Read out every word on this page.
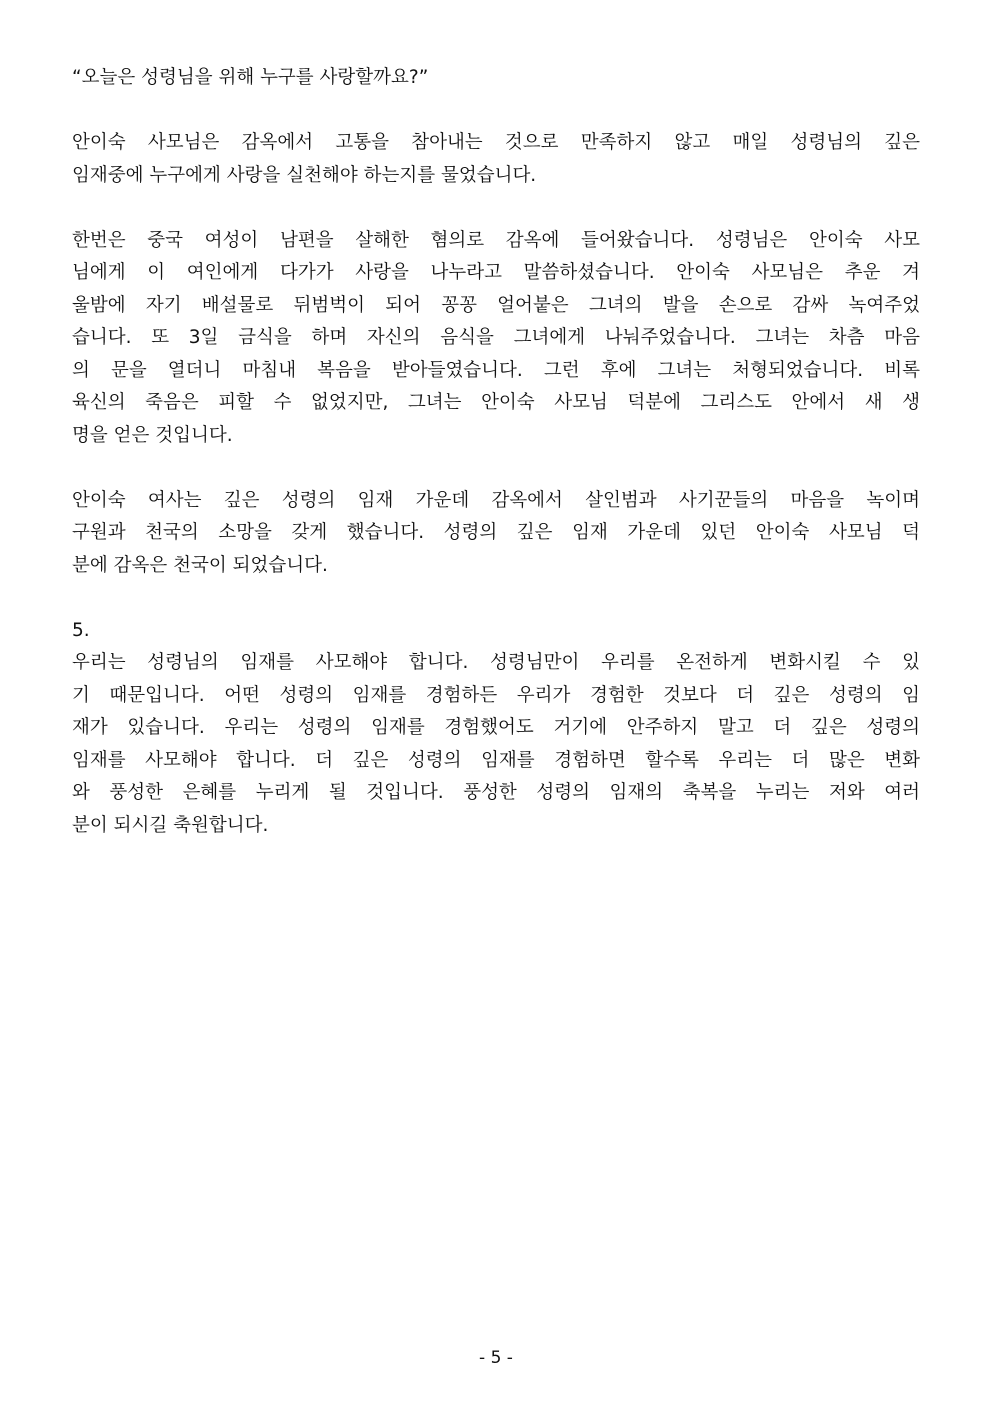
“오늘은 성령님을 위해 누구를 사랑할까요?”
안이숙 사모님은 감옥에서 고통을 참아내는 것으로 만족하지 않고 매일 성령님의 깊은
임재중에 누구에게 사랑을 실천해야 하는지를 물었습니다.
한번은 중국 여성이 남편을 살해한 혐의로 감옥에 들어왔습니다. 성령님은 안이숙 사모
님에게 이 여인에게 다가가 사랑을 나누라고 말씀하셨습니다. 안이숙 사모님은 추운 겨
울밤에 자기 배설물로 뒤범벅이 되어 꽁꽁 얼어붙은 그녀의 발을 손으로 감싸 녹여주었
습니다. 또 3일 금식을 하며 자신의 음식을 그녀에게 나눠주었습니다. 그녀는 차츰 마음
의 문을 열더니 마침내 복음을 받아들였습니다. 그런 후에 그녀는 처형되었습니다. 비록
육신의 죽음은 피할 수 없었지만, 그녀는 안이숙 사모님 덕분에 그리스도 안에서 새 생
명을 얻은 것입니다.
안이숙 여사는 깊은 성령의 임재 가운데 감옥에서 살인범과 사기꾼들의 마음을 녹이며
구원과 천국의 소망을 갖게 했습니다. 성령의 깊은 임재 가운데 있던 안이숙 사모님 덕
분에 감옥은 천국이 되었습니다.
5.
우리는 성령님의 임재를 사모해야 합니다. 성령님만이 우리를 온전하게 변화시킬 수 있
기 때문입니다. 어떤 성령의 임재를 경험하든 우리가 경험한 것보다 더 깊은 성령의 임
재가 있습니다. 우리는 성령의 임재를 경험했어도 거기에 안주하지 말고 더 깊은 성령의
임재를 사모해야 합니다. 더 깊은 성령의 임재를 경험하면 할수록 우리는 더 많은 변화
와 풍성한 은혜를 누리게 될 것입니다. 풍성한 성령의 임재의 축복을 누리는 저와 여러
분이 되시길 축원합니다.
- 5 -
